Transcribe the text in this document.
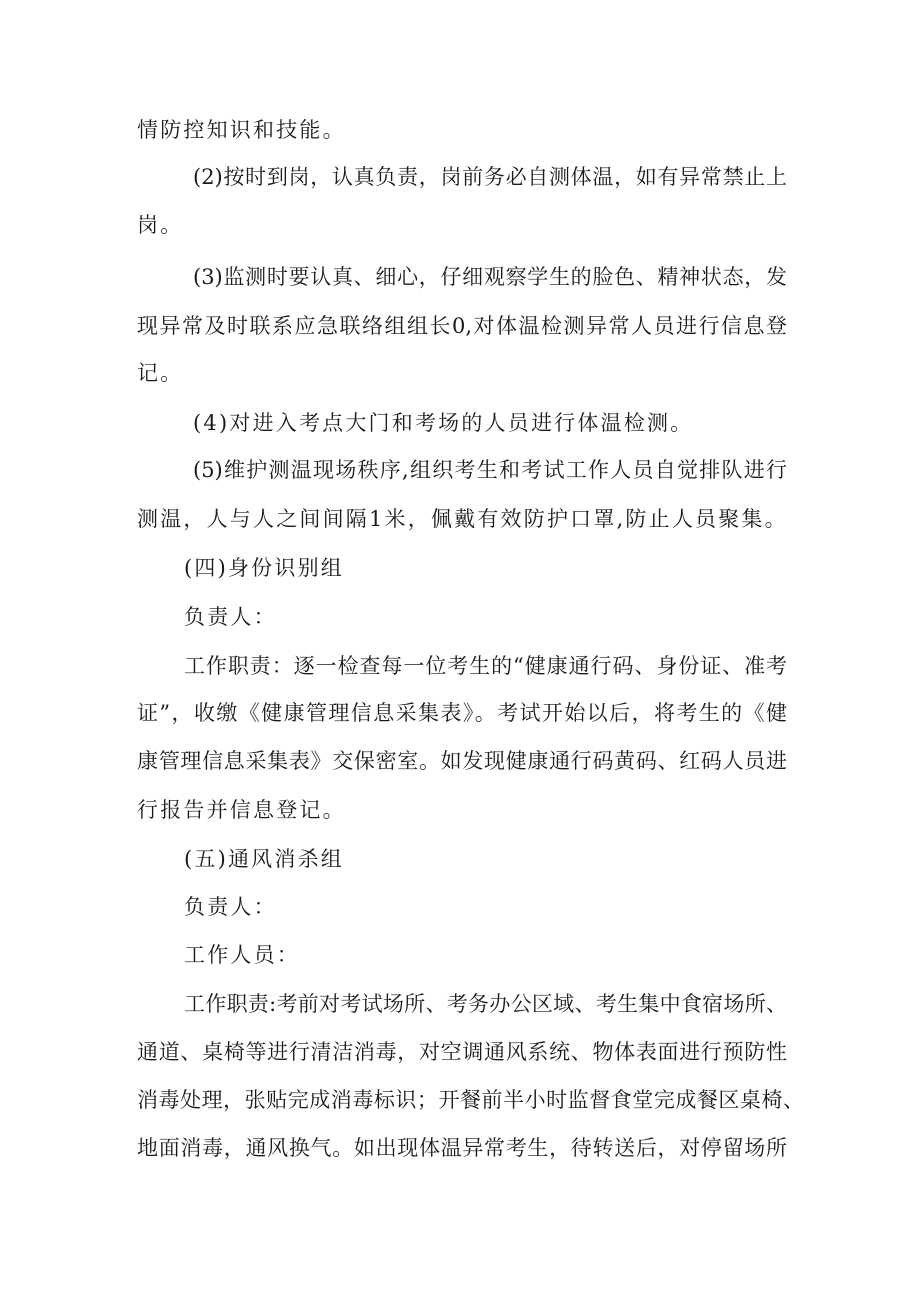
情防控知识和技能。
(2)按时到岗，认真负责，岗前务必自测体温，如有异常禁止上
岗。
(3)监测时要认真、细心，仔细观察学生的脸色、精神状态，发
现异常及时联系应急联络组组长0,对体温检测异常人员进行信息登
记。
(4)对进入考点大门和考场的人员进行体温检测。
(5)维护测温现场秩序,组织考生和考试工作人员自觉排队进行
测温，人与人之间间隔1米，佩戴有效防护口罩,防止人员聚集。
(四)身份识别组
负责人：
工作职责：逐一检查每一位考生的“健康通行码、身份证、准考
证”，收缴《健康管理信息采集表》。考试开始以后，将考生的《健
康管理信息采集表》交保密室。如发现健康通行码黄码、红码人员进
行报告并信息登记。
(五)通风消杀组
负责人：
工作人员：
工作职责:考前对考试场所、考务办公区域、考生集中食宿场所、
通道、桌椅等进行清洁消毒，对空调通风系统、物体表面进行预防性
消毒处理，张贴完成消毒标识；开餐前半小时监督食堂完成餐区桌椅、
地面消毒，通风换气。如出现体温异常考生，待转送后，对停留场所
